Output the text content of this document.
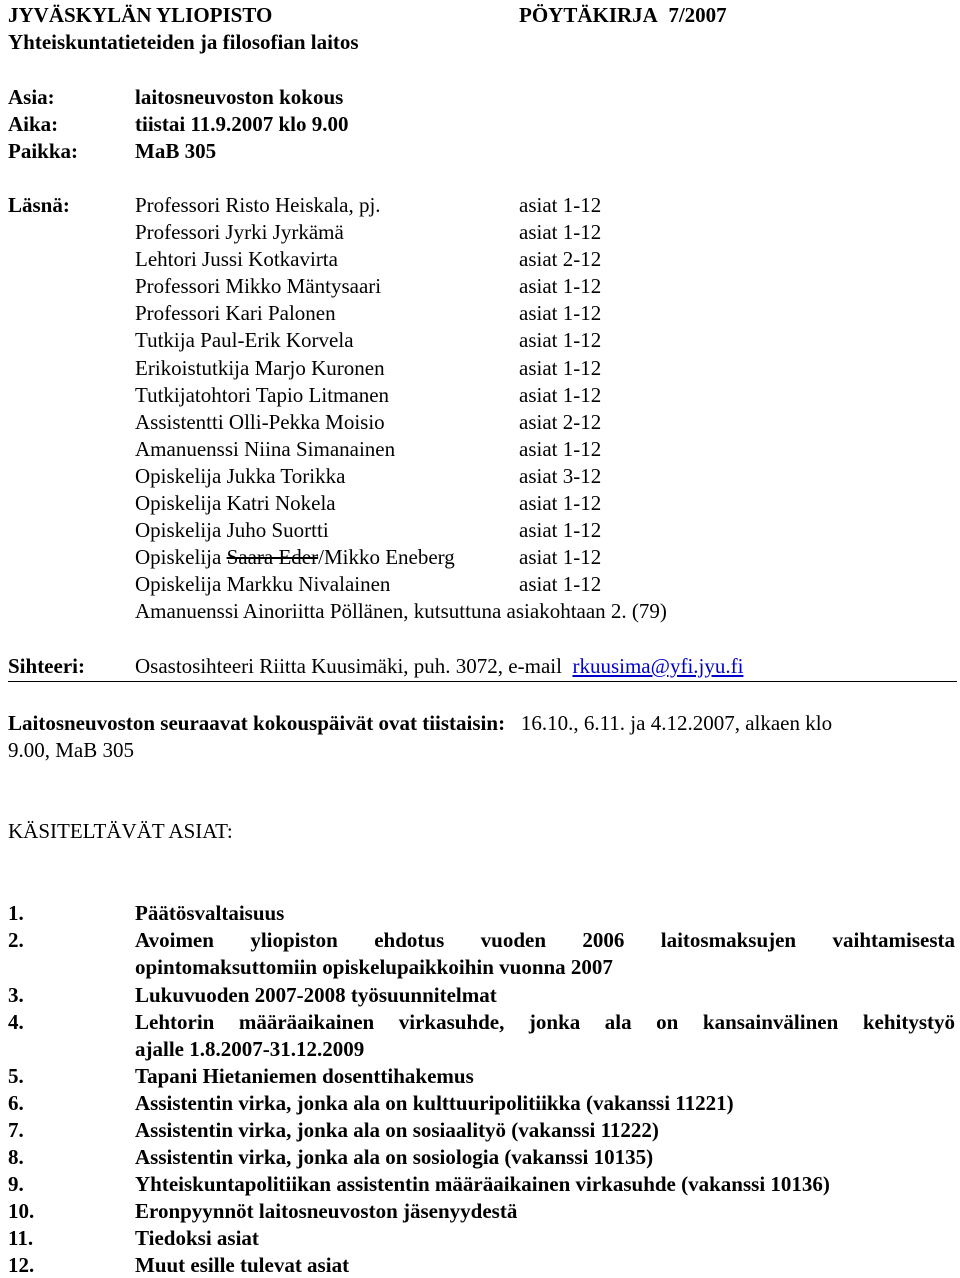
JYVÄSKYLÄN YLIOPISTO	PÖYTÄKIRJA 7/2007
Yhteiskuntatieteiden ja filosofian laitos
Asia:	laitosneuvoston kokous
Aika:	tiistai 11.9.2007 klo 9.00
Paikka:	MaB 305
Läsnä:	Professori Risto Heiskala, pj.	asiat 1-12
Professori Jyrki Jyrkämä	asiat 1-12
Lehtori Jussi Kotkavirta	asiat 2-12
Professori Mikko Mäntysaari	asiat 1-12
Professori Kari Palonen	asiat 1-12
Tutkija Paul-Erik Korvela	asiat 1-12
Erikoistutkija Marjo Kuronen	asiat 1-12
Tutkijatohtori Tapio Litmanen	asiat 1-12
Assistentti Olli-Pekka Moisio	asiat 2-12
Amanuenssi Niina Simanainen	asiat 1-12
Opiskelija Jukka Torikka	asiat 3-12
Opiskelija Katri Nokela	asiat 1-12
Opiskelija Juho Suortti	asiat 1-12
Opiskelija Saara Eder/Mikko Eneberg	asiat 1-12
Opiskelija Markku Nivalainen	asiat 1-12
Amanuenssi Ainoriitta Pöllänen, kutsuttuna asiakohtaan 2. (79)
Sihteeri: Osastosihteeri Riitta Kuusimäki, puh. 3072, e-mail rkuusima@yfi.jyu.fi
Laitosneuvoston seuraavat kokouspäivät ovat tiistaisin: 16.10., 6.11. ja 4.12.2007, alkaen klo
9.00, MaB 305
KÄSITELTÄVÄT ASIAT:
1.	Päätösvaltaisuus
2.	Avoimen yliopiston ehdotus vuoden 2006 laitosmaksujen vaihtamisesta
opintomaksuttomiin opiskelupaikkoihin vuonna 2007
3.	Lukuvuoden 2007-2008 työsuunnitelmat
4.	Lehtorin määräaikainen virkasuhde, jonka ala on kansainvälinen kehitystyö
ajalle 1.8.2007-31.12.2009
5.	Tapani Hietaniemen dosenttihakemus
6.	Assistentin virka, jonka ala on kulttuuripolitiikka (vakanssi 11221)
7.	Assistentin virka, jonka ala on sosiaalityö (vakanssi 11222)
8.	Assistentin virka, jonka ala on sosiologia (vakanssi 10135)
9.	Yhteiskuntapolitiikan assistentin määräaikainen virkasuhde (vakanssi 10136)
10.	Eronpyynnöt laitosneuvoston jäsenyydestä
11.	Tiedoksi asiat
12.	Muut esille tulevat asiat
